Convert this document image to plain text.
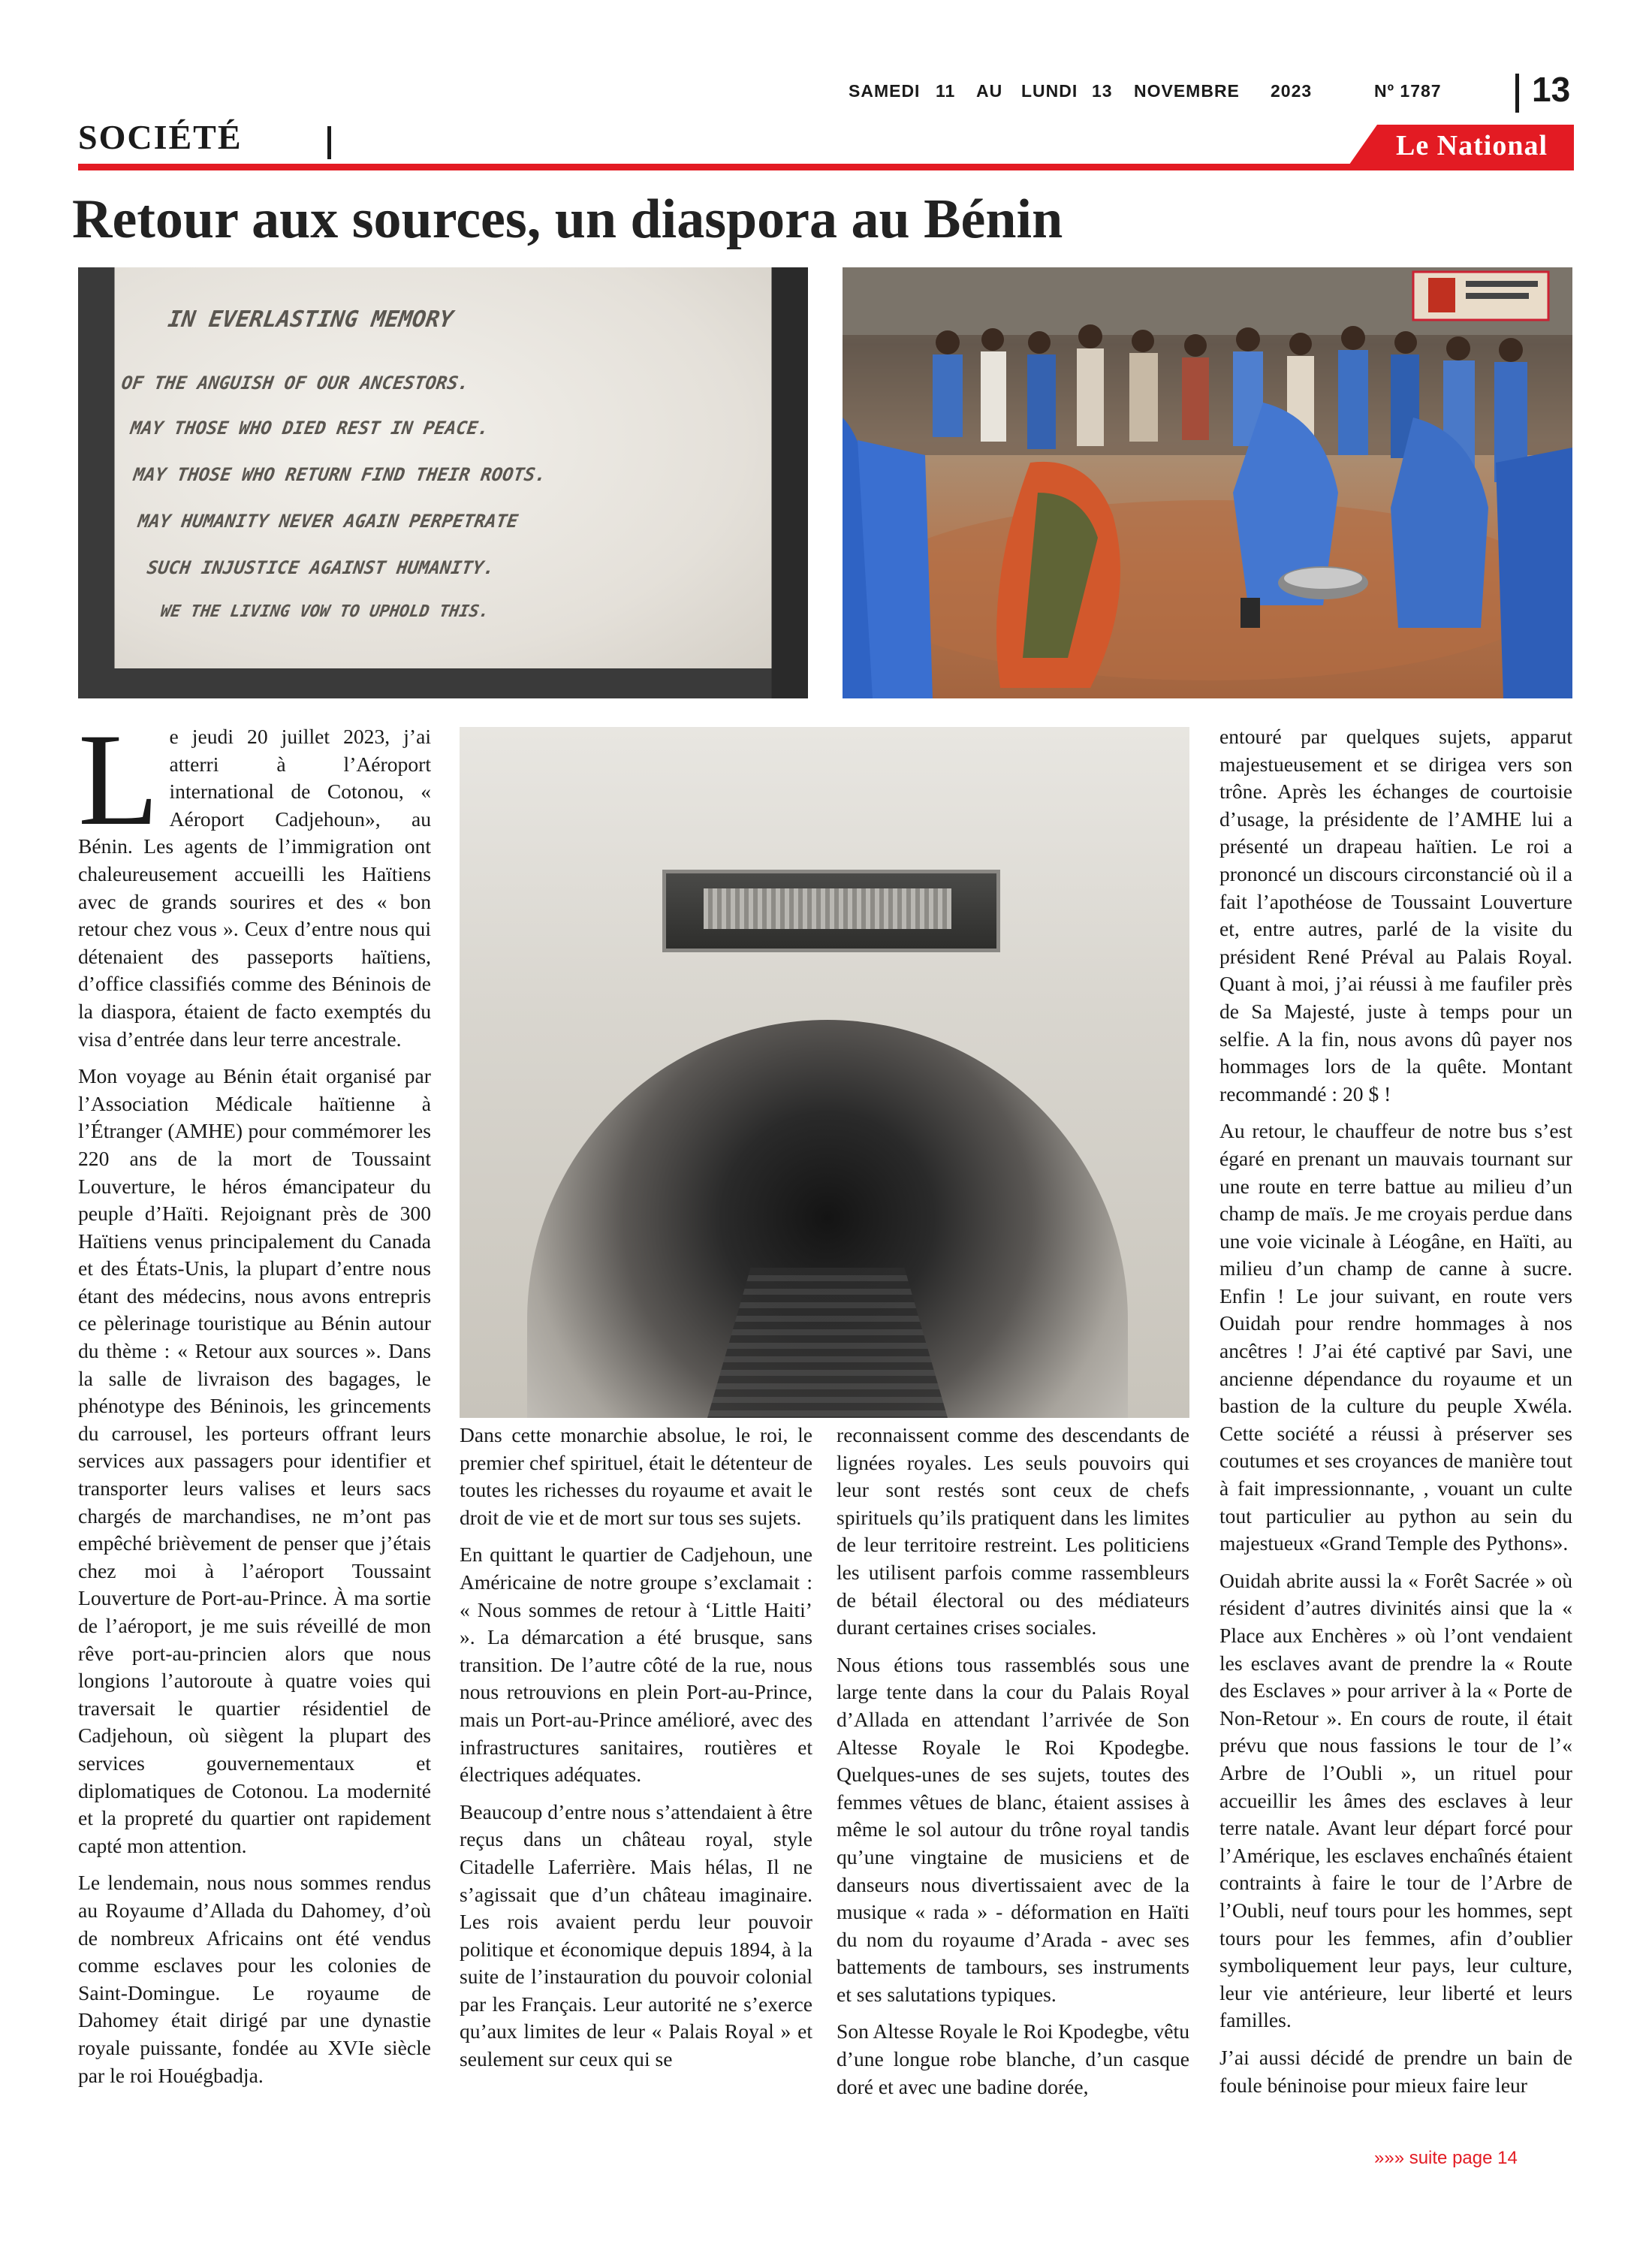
SAMEDI 11 AU LUNDI 13 NOVEMBRE 2023	Nº 1787	13
SOCIÉTÉ	Le National
Retour aux sources, un diaspora au Bénin
IN EVERLASTING MEMORY
OF THE ANGUISH OF OUR ANCESTORS.
MAY THOSE WHO DIED REST IN PEACE.
MAY THOSE WHO RETURN FIND THEIR ROOTS.
MAY HUMANITY NEVER AGAIN PERPETRATE
SUCH INJUSTICE AGAINST HUMANITY.
WE THE LIVING VOW TO UPHOLD THIS.

Le jeudi 20 juillet 2023, j’ai atterri à l’Aéroport international de Cotonou, « Aéroport Cadjehoun», au Bénin. Les agents de l’immigration ont chaleureusement accueilli les Haïtiens avec de grands sourires et des « bon retour chez vous ». Ceux d’entre nous qui détenaient des passeports haïtiens, d’office classifiés comme des Béninois de la diaspora, étaient de facto exemptés du visa d’entrée dans leur terre ancestrale.

Mon voyage au Bénin était organisé par l’Association Médicale haïtienne à l’Étranger (AMHE) pour commémorer les 220 ans de la mort de Toussaint Louverture, le héros émancipateur du peuple d’Haïti. Rejoignant près de 300 Haïtiens venus principalement du Canada et des États-Unis, la plupart d’entre nous étant des médecins, nous avons entrepris ce pèlerinage touristique au Bénin autour du thème : « Retour aux sources ». Dans la salle de livraison des bagages, le phénotype des Béninois, les grincements du carrousel, les porteurs offrant leurs services aux passagers pour identifier et transporter leurs valises et leurs sacs chargés de marchandises, ne m’ont pas empêché brièvement de penser que j’étais chez moi à l’aéroport Toussaint Louverture de Port-au-Prince. À ma sortie de l’aéroport, je me suis réveillé de mon rêve port-au-princien alors que nous longions l’autoroute à quatre voies qui traversait le quartier résidentiel de Cadjehoun, où siègent la plupart des services gouvernementaux et diplomatiques de Cotonou. La modernité et la propreté du quartier ont rapidement capté mon attention.

Le lendemain, nous nous sommes rendus au Royaume d’Allada du Dahomey, d’où de nombreux Africains ont été vendus comme esclaves pour les colonies de Saint-Domingue. Le royaume de Dahomey était dirigé par une dynastie royale puissante, fondée au XVIe siècle par le roi Houégbadja.

Dans cette monarchie absolue, le roi, le premier chef spirituel, était le détenteur de toutes les richesses du royaume et avait le droit de vie et de mort sur tous ses sujets.

En quittant le quartier de Cadjehoun, une Américaine de notre groupe s’exclamait : « Nous sommes de retour à ‘Little Haiti’ ». La démarcation a été brusque, sans transition. De l’autre côté de la rue, nous nous retrouvions en plein Port-au-Prince, mais un Port-au-Prince amélioré, avec des infrastructures sanitaires, routières et électriques adéquates.

Beaucoup d’entre nous s’attendaient à être reçus dans un château royal, style Citadelle Laferrière. Mais hélas, Il ne s’agissait que d’un château imaginaire. Les rois avaient perdu leur pouvoir politique et économique depuis 1894, à la suite de l’instauration du pouvoir colonial par les Français. Leur autorité ne s’exerce qu’aux limites de leur « Palais Royal » et seulement sur ceux qui se

reconnaissent comme des descendants de lignées royales. Les seuls pouvoirs qui leur sont restés sont ceux de chefs spirituels qu’ils pratiquent dans les limites de leur territoire restreint. Les politiciens les utilisent parfois comme rassembleurs de bétail électoral ou des médiateurs durant certaines crises sociales.

Nous étions tous rassemblés sous une large tente dans la cour du Palais Royal d’Allada en attendant l’arrivée de Son Altesse Royale le Roi Kpodegbe. Quelques-unes de ses sujets, toutes des femmes vêtues de blanc, étaient assises à même le sol autour du trône royal tandis qu’une vingtaine de musiciens et de danseurs nous divertissaient avec de la musique « rada » - déformation en Haïti du nom du royaume d’Arada - avec ses battements de tambours, ses instruments et ses salutations typiques.

Son Altesse Royale le Roi Kpodegbe, vêtu d’une longue robe blanche, d’un casque doré et avec une badine dorée,

entouré par quelques sujets, apparut majestueusement et se dirigea vers son trône. Après les échanges de courtoisie d’usage, la présidente de l’AMHE lui a présenté un drapeau haïtien. Le roi a prononcé un discours circonstancié où il a fait l’apothéose de Toussaint Louverture et, entre autres, parlé de la visite du président René Préval au Palais Royal. Quant à moi, j’ai réussi à me faufiler près de Sa Majesté, juste à temps pour un selfie. A la fin, nous avons dû payer nos hommages lors de la quête. Montant recommandé : 20 $ !

Au retour, le chauffeur de notre bus s’est égaré en prenant un mauvais tournant sur une route en terre battue au milieu d’un champ de maïs. Je me croyais perdue dans une voie vicinale à Léogâne, en Haïti, au milieu d’un champ de canne à sucre. Enfin ! Le jour suivant, en route vers Ouidah pour rendre hommages à nos ancêtres ! J’ai été captivé par Savi, une ancienne dépendance du royaume et un bastion de la culture du peuple Xwéla. Cette société a réussi à préserver ses coutumes et ses croyances de manière tout à fait impressionnante, , vouant un culte tout particulier au python au sein du majestueux «Grand Temple des Pythons».

Ouidah abrite aussi la « Forêt Sacrée » où résident d’autres divinités ainsi que la « Place aux Enchères » où l’ont vendaient les esclaves avant de prendre la « Route des Esclaves » pour arriver à la « Porte de Non-Retour ». En cours de route, il était prévu que nous fassions le tour de l’« Arbre de l’Oubli », un rituel pour accueillir les âmes des esclaves à leur terre natale. Avant leur départ forcé pour l’Amérique, les esclaves enchaînés étaient contraints à faire le tour de l’Arbre de l’Oubli, neuf tours pour les hommes, sept tours pour les femmes, afin d’oublier symboliquement leur pays, leur culture, leur vie antérieure, leur liberté et leurs familles.

J’ai aussi décidé de prendre un bain de foule béninoise pour mieux faire leur

»»» suite page 14
